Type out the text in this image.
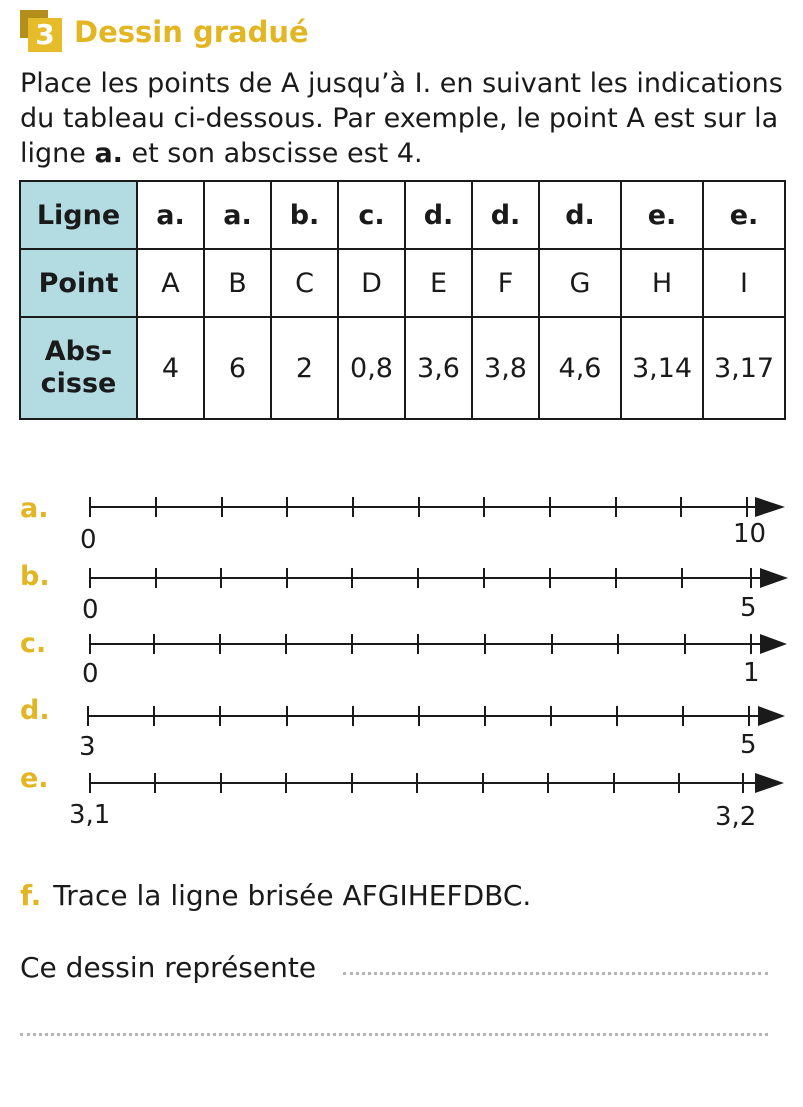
3 Dessin gradué
Place les points de A jusqu’à I. en suivant les indications du tableau ci-dessous. Par exemple, le point A est sur la ligne a. et son abscisse est 4.
Ligne	a.	a.	b.	c.	d.	d.	d.	e.	e.
Point	A	B	C	D	E	F	G	H	I
Abs-
cisse	4	6	2	0,8	3,6	3,8	4,6	3,14	3,17
a.
0	10
b.
0	5
c.
0	1
d.
3	5
e.
3,1	3,2
f. Trace la ligne brisée AFGIHEFDBC.
Ce dessin représente
